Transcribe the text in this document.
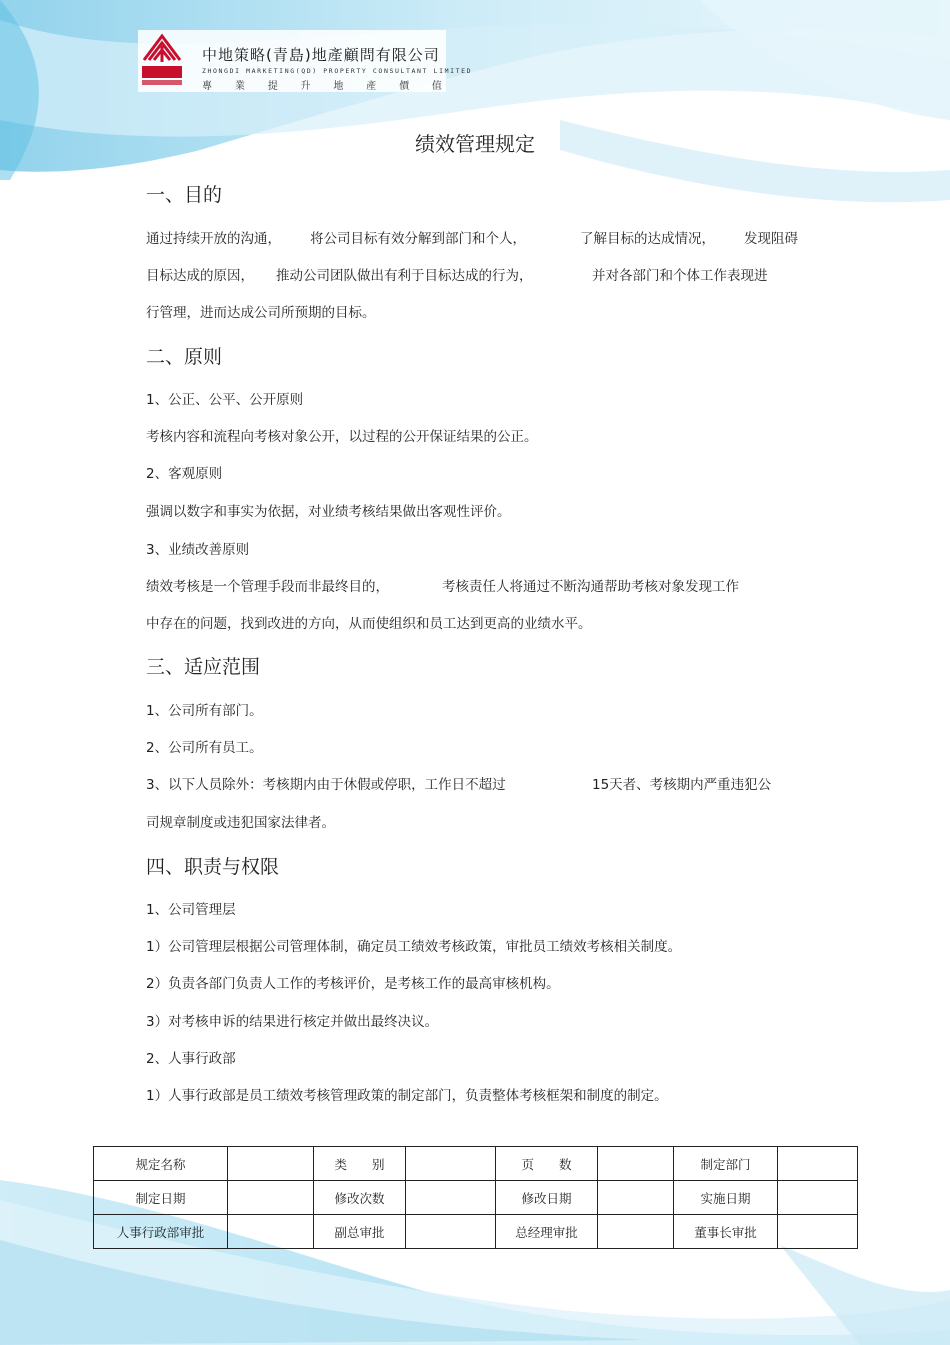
中地策略(青島)地產顧問有限公司
ZHONGDI MARKETING(QD) PROPERTY CONSULTANT LIMITED
專 業 提 升 地 產 價 值
绩效管理规定
一、目的
通过持续开放的沟通， 将公司目标有效分解到部门和个人，	了解目标的达成情况， 发现阻碍
目标达成的原因， 推动公司团队做出有利于目标达成的行为，	并对各部门和个体工作表现进
行管理，进而达成公司所预期的目标。
二、原则
1、公正、公平、公开原则
考核内容和流程向考核对象公开，以过程的公开保证结果的公正。
2、客观原则
强调以数字和事实为依据，对业绩考核结果做出客观性评价。
3、业绩改善原则
绩效考核是一个管理手段而非最终目的，	考核责任人将通过不断沟通帮助考核对象发现工作
中存在的问题，找到改进的方向，从而使组织和员工达到更高的业绩水平。
三、适应范围
1、公司所有部门。
2、公司所有员工。
3、以下人员除外：考核期内由于休假或停职，工作日不超过	15天者、考核期内严重违犯公
司规章制度或违犯国家法律者。
四、职责与权限
1、公司管理层
1）公司管理层根据公司管理体制，确定员工绩效考核政策，审批员工绩效考核相关制度。
2）负责各部门负责人工作的考核评价，是考核工作的最高审核机构。
3）对考核申诉的结果进行核定并做出最终决议。
2、人事行政部
1）人事行政部是员工绩效考核管理政策的制定部门，负责整体考核框架和制度的制定。
规定名称		类　　别		页　　数		制定部门	
制定日期		修改次数		修改日期		实施日期	
人事行政部审批		副总审批		总经理审批		董事长审批	
